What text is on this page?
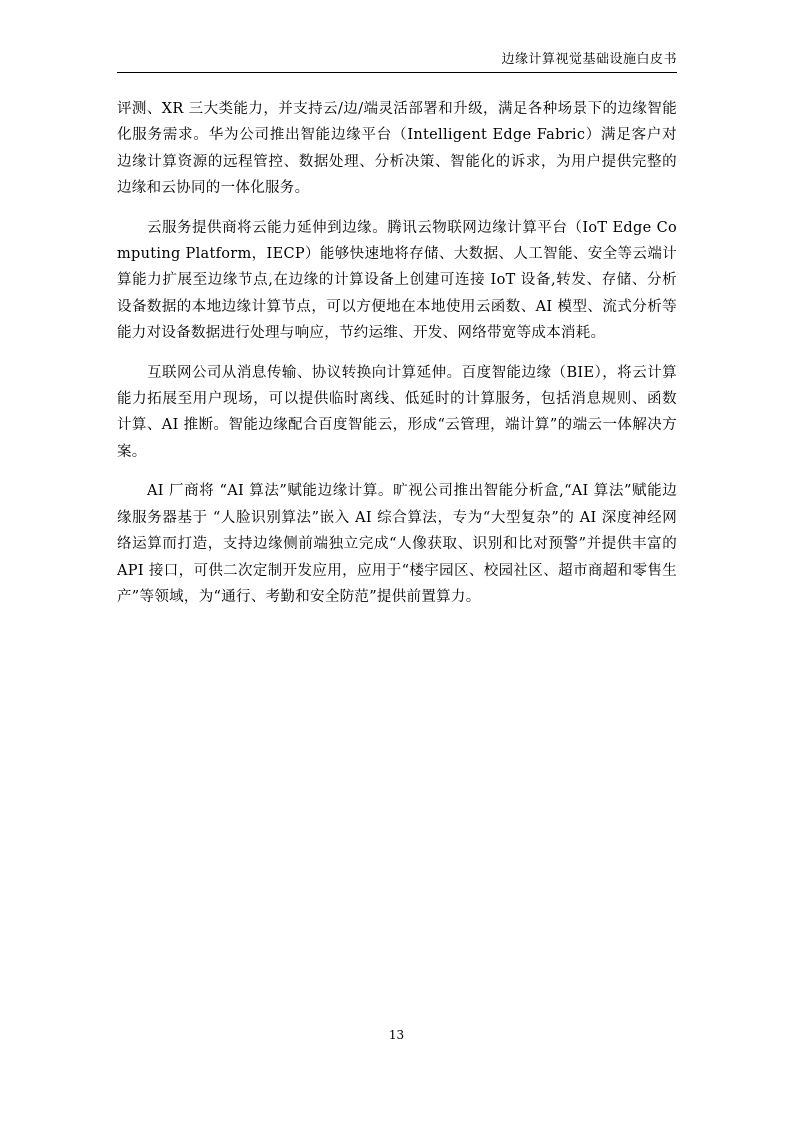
边缘计算视觉基础设施白皮书

评测、XR 三大类能力，并支持云/边/端灵活部署和升级，满足各种场景下的边缘智能化服务需求。华为公司推出智能边缘平台（Intelligent Edge Fabric）满足客户对边缘计算资源的远程管控、数据处理、分析决策、智能化的诉求，为用户提供完整的边缘和云协同的一体化服务。

云服务提供商将云能力延伸到边缘。腾讯云物联网边缘计算平台（IoT Edge Computing Platform，IECP）能够快速地将存储、大数据、人工智能、安全等云端计算能力扩展至边缘节点,在边缘的计算设备上创建可连接 IoT 设备,转发、存储、分析设备数据的本地边缘计算节点，可以方便地在本地使用云函数、AI 模型、流式分析等能力对设备数据进行处理与响应，节约运维、开发、网络带宽等成本消耗。

互联网公司从消息传输、协议转换向计算延伸。百度智能边缘（BIE），将云计算能力拓展至用户现场，可以提供临时离线、低延时的计算服务，包括消息规则、函数计算、AI 推断。智能边缘配合百度智能云，形成“云管理，端计算”的端云一体解决方案。

AI 厂商将 “AI 算法”赋能边缘计算。旷视公司推出智能分析盒,“AI 算法”赋能边缘服务器基于 “人脸识别算法”嵌入 AI 综合算法，专为“大型复杂”的 AI 深度神经网络运算而打造，支持边缘侧前端独立完成“人像获取、识别和比对预警”并提供丰富的 API 接口，可供二次定制开发应用，应用于“楼宇园区、校园社区、超市商超和零售生产”等领域，为“通行、考勤和安全防范”提供前置算力。

13
